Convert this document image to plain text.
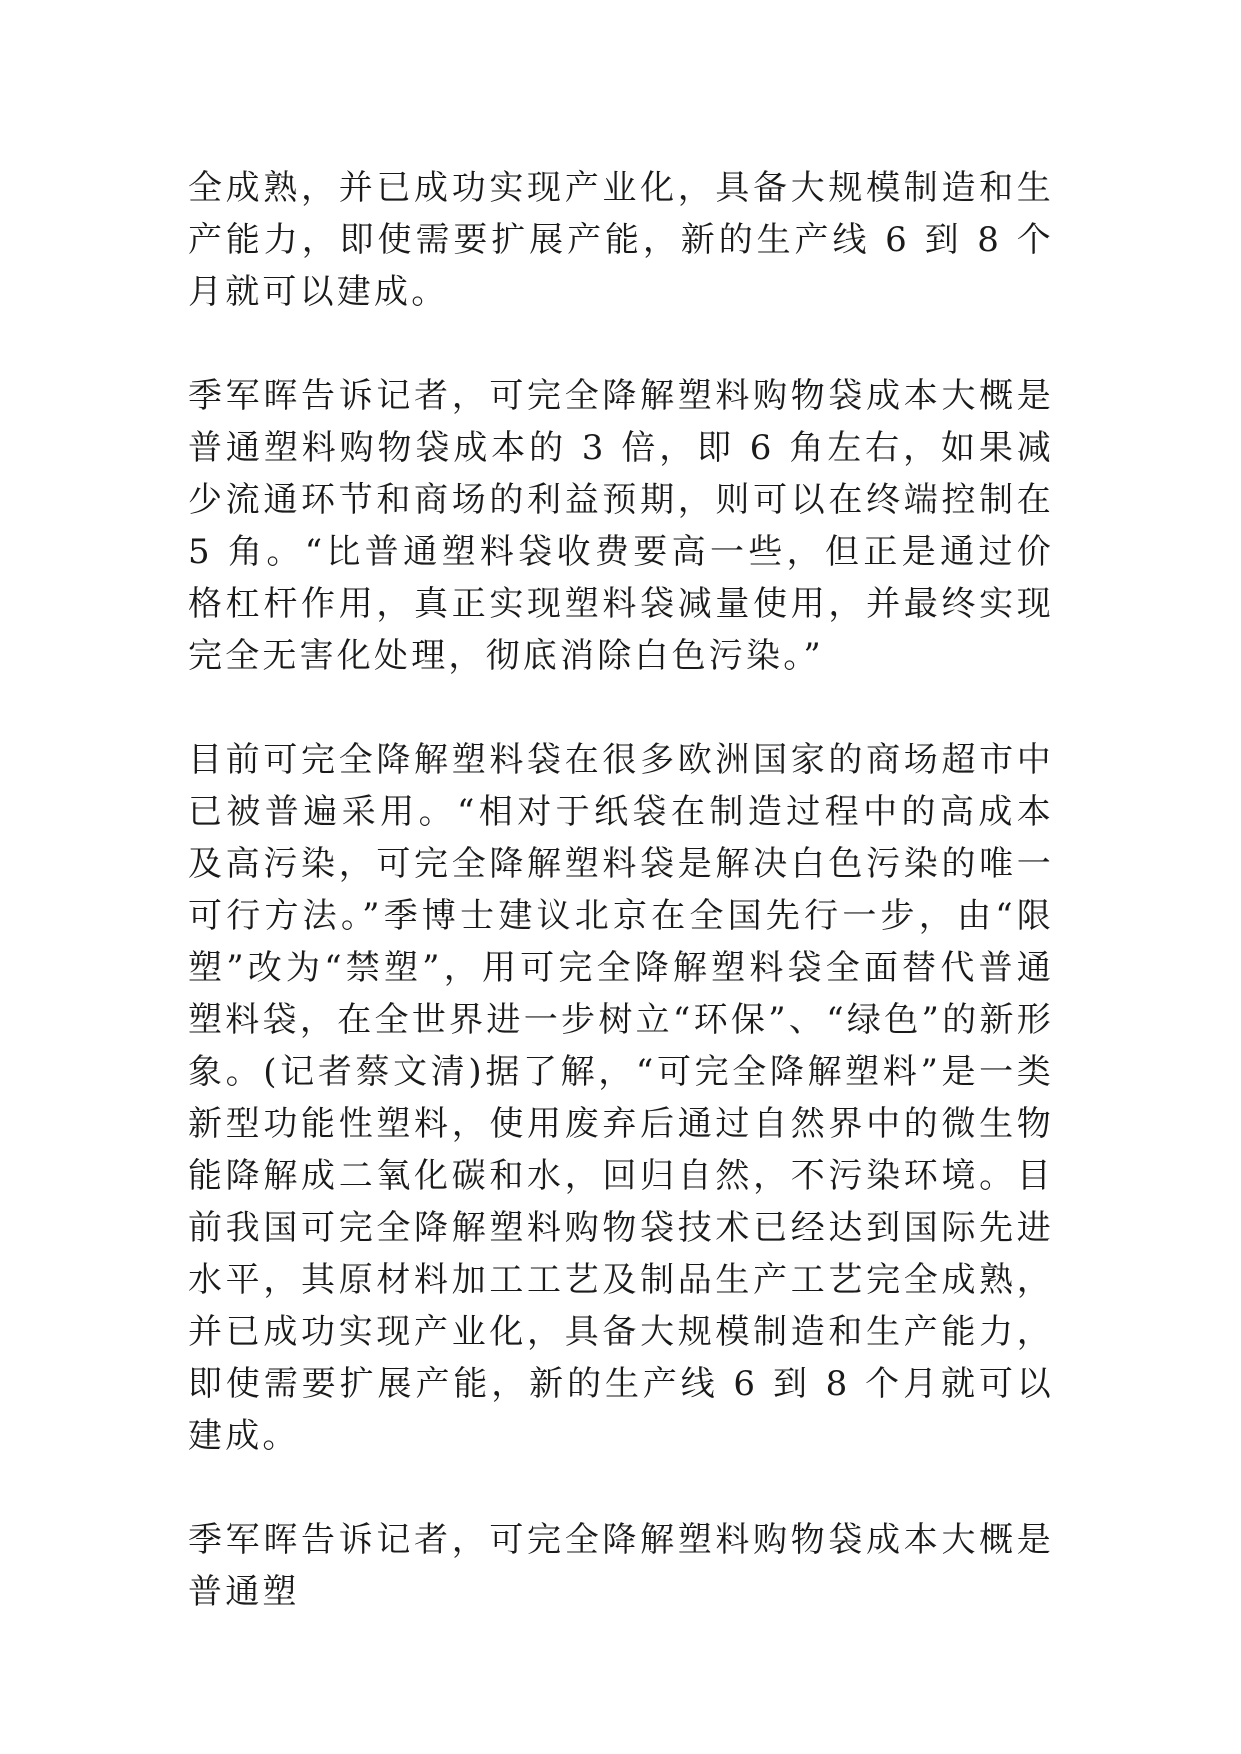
全成熟，并已成功实现产业化，具备大规模制造和生产能力，即使需要扩展产能，新的生产线 6 到 8 个月就可以建成。

季军晖告诉记者，可完全降解塑料购物袋成本大概是普通塑料购物袋成本的 3 倍，即 6 角左右，如果减少流通环节和商场的利益预期，则可以在终端控制在 5 角。“比普通塑料袋收费要高一些，但正是通过价格杠杆作用，真正实现塑料袋减量使用，并最终实现完全无害化处理，彻底消除白色污染。”

目前可完全降解塑料袋在很多欧洲国家的商场超市中已被普遍采用。“相对于纸袋在制造过程中的高成本及高污染，可完全降解塑料袋是解决白色污染的唯一可行方法。”季博士建议北京在全国先行一步，由“限塑”改为“禁塑”，用可完全降解塑料袋全面替代普通塑料袋，在全世界进一步树立“环保”、“绿色”的新形象。(记者蔡文清)据了解，“可完全降解塑料”是一类新型功能性塑料，使用废弃后通过自然界中的微生物能降解成二氧化碳和水，回归自然，不污染环境。目前我国可完全降解塑料购物袋技术已经达到国际先进水平，其原材料加工工艺及制品生产工艺完全成熟，并已成功实现产业化，具备大规模制造和生产能力，即使需要扩展产能，新的生产线 6 到 8 个月就可以建成。

季军晖告诉记者，可完全降解塑料购物袋成本大概是普通塑
